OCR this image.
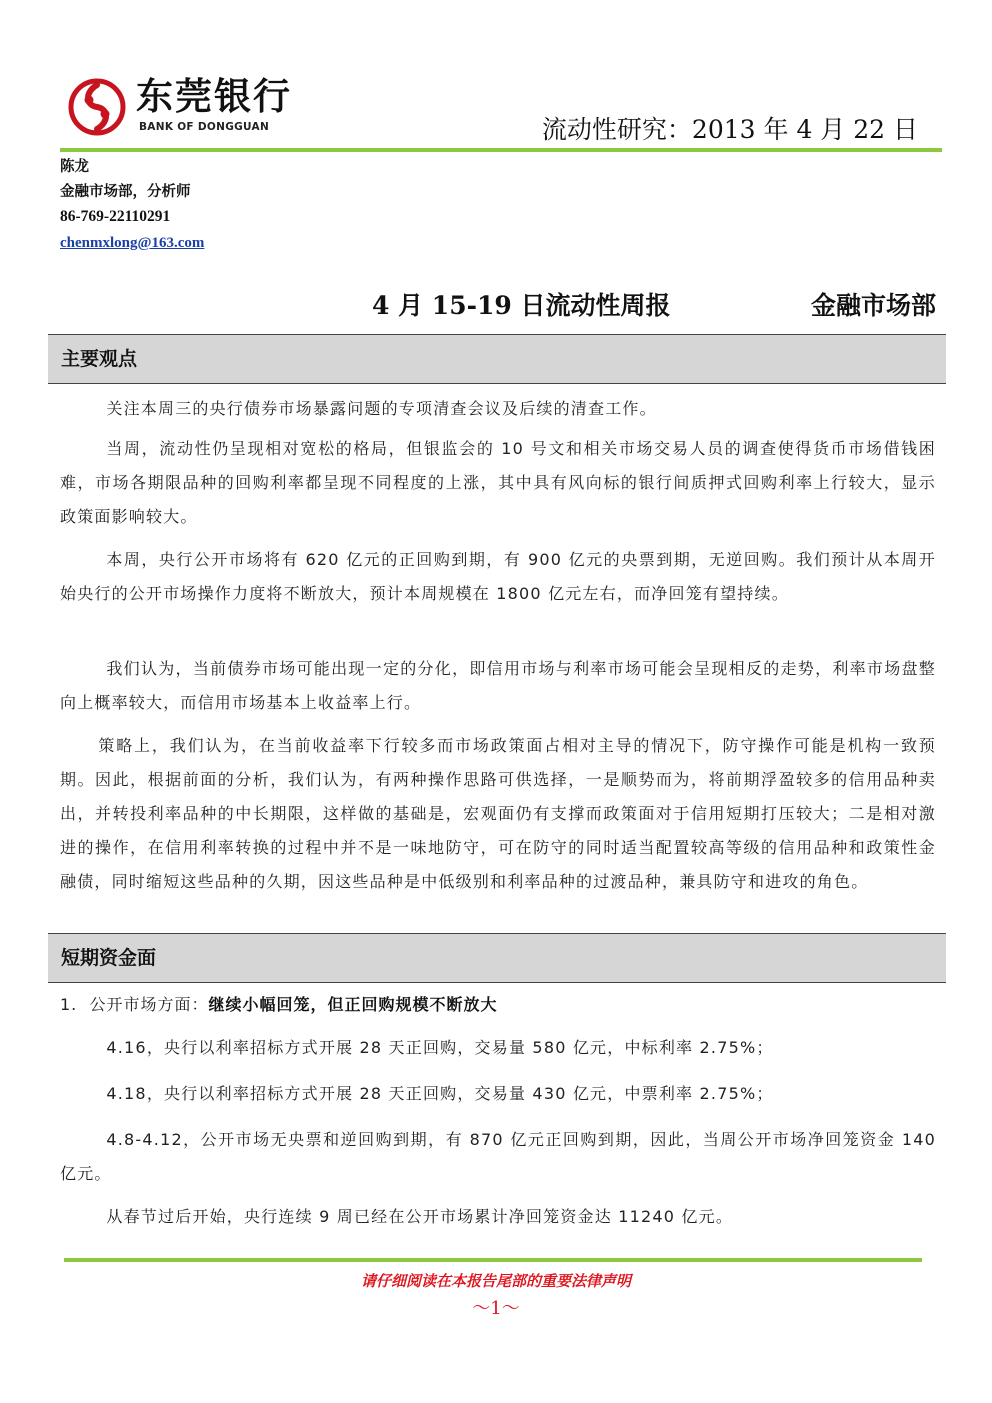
东莞银行
BANK OF DONGGUAN	流动性研究：2013 年 4 月 22 日
陈龙
金融市场部，分析师
86-769-22110291
chenmxlong@163.com
4 月 15-19 日流动性周报	金融市场部
主要观点

关注本周三的央行债券市场暴露问题的专项清查会议及后续的清查工作。

当周，流动性仍呈现相对宽松的格局，但银监会的 10 号文和相关市场交易人员的调查使得货币市场借钱困难，市场各期限品种的回购利率都呈现不同程度的上涨，其中具有风向标的银行间质押式回购利率上行较大，显示政策面影响较大。

本周，央行公开市场将有 620 亿元的正回购到期，有 900 亿元的央票到期，无逆回购。我们预计从本周开始央行的公开市场操作力度将不断放大，预计本周规模在 1800 亿元左右，而净回笼有望持续。

我们认为，当前债券市场可能出现一定的分化，即信用市场与利率市场可能会呈现相反的走势，利率市场盘整向上概率较大，而信用市场基本上收益率上行。

策略上，我们认为，在当前收益率下行较多而市场政策面占相对主导的情况下，防守操作可能是机构一致预期。因此，根据前面的分析，我们认为，有两种操作思路可供选择，一是顺势而为，将前期浮盈较多的信用品种卖出，并转投利率品种的中长期限，这样做的基础是，宏观面仍有支撑而政策面对于信用短期打压较大；二是相对激进的操作，在信用利率转换的过程中并不是一味地防守，可在防守的同时适当配置较高等级的信用品种和政策性金融债，同时缩短这些品种的久期，因这些品种是中低级别和利率品种的过渡品种，兼具防守和进攻的角色。

短期资金面
1. 公开市场方面：继续小幅回笼，但正回购规模不断放大

4.16，央行以利率招标方式开展 28 天正回购，交易量 580 亿元，中标利率 2.75%；

4.18，央行以利率招标方式开展 28 天正回购，交易量 430 亿元，中票利率 2.75%；

4.8-4.12，公开市场无央票和逆回购到期，有 870 亿元正回购到期，因此，当周公开市场净回笼资金 140 亿元。

从春节过后开始，央行连续 9 周已经在公开市场累计净回笼资金达 11240 亿元。

请仔细阅读在本报告尾部的重要法律声明
～1～
